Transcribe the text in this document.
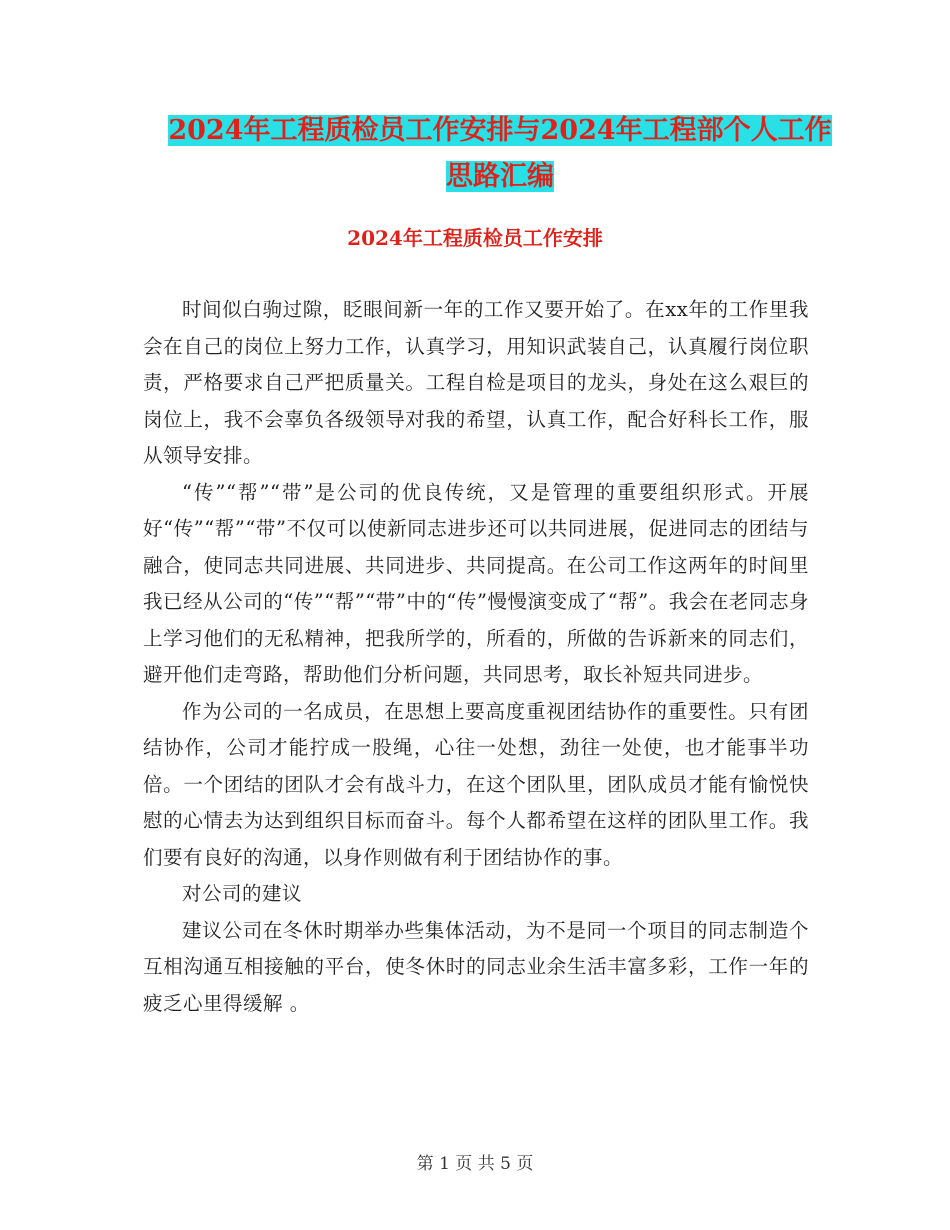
2024年工程质检员工作安排与2024年工程部个人工作
思路汇编
2024年工程质检员工作安排

时间似白驹过隙，眨眼间新一年的工作又要开始了。在xx年的工作里我会在自己的岗位上努力工作，认真学习，用知识武装自己，认真履行岗位职责，严格要求自己严把质量关。工程自检是项目的龙头，身处在这么艰巨的岗位上，我不会辜负各级领导对我的希望，认真工作，配合好科长工作，服从领导安排。

“传”“帮”“带”是公司的优良传统，又是管理的重要组织形式。开展好“传”“帮”“带”不仅可以使新同志进步还可以共同进展，促进同志的团结与融合，使同志共同进展、共同进步、共同提高。在公司工作这两年的时间里我已经从公司的“传”“帮”“带”中的“传”慢慢演变成了“帮”。我会在老同志身上学习他们的无私精神，把我所学的，所看的，所做的告诉新来的同志们，避开他们走弯路，帮助他们分析问题，共同思考，取长补短共同进步。

作为公司的一名成员，在思想上要高度重视团结协作的重要性。只有团结协作，公司才能拧成一股绳，心往一处想，劲往一处使，也才能事半功倍。一个团结的团队才会有战斗力，在这个团队里，团队成员才能有愉悦快慰的心情去为达到组织目标而奋斗。每个人都希望在这样的团队里工作。我们要有良好的沟通，以身作则做有利于团结协作的事。

对公司的建议

建议公司在冬休时期举办些集体活动，为不是同一个项目的同志制造个互相沟通互相接触的平台，使冬休时的同志业余生活丰富多彩，工作一年的疲乏心里得缓解 。

第 1 页 共 5 页
